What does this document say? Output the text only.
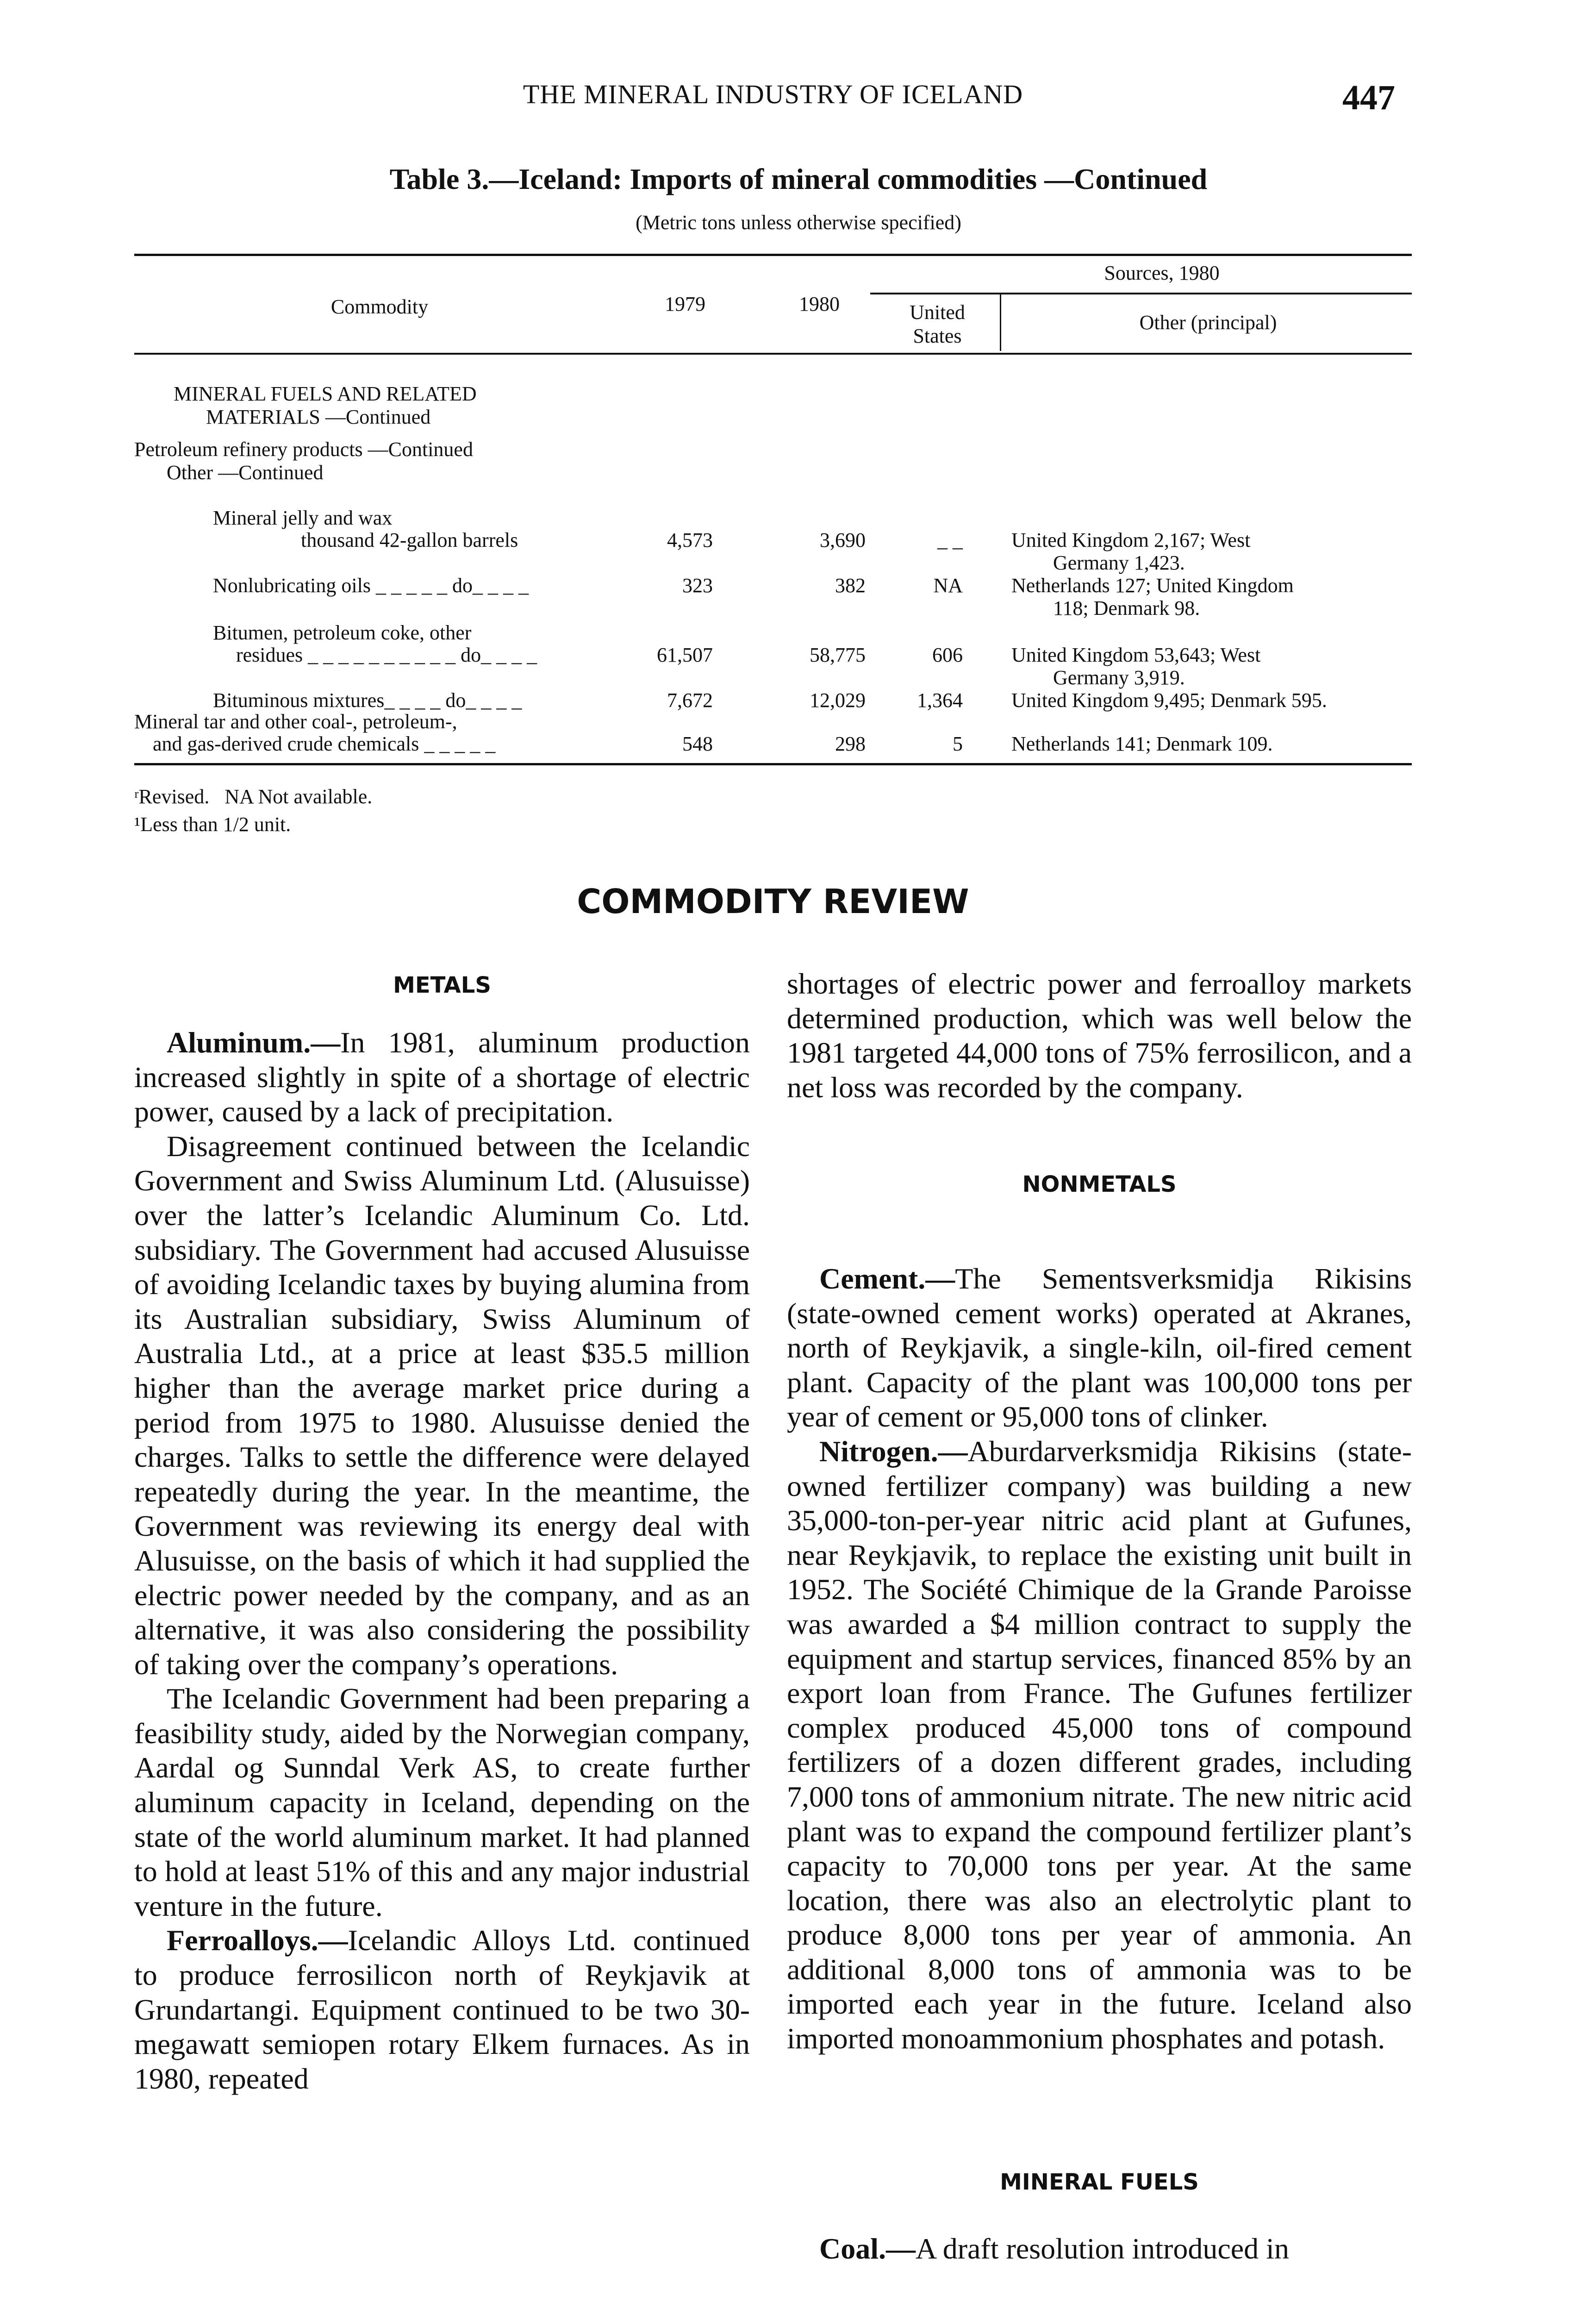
THE MINERAL INDUSTRY OF ICELAND	447
Table 3.—Iceland: Imports of mineral commodities —Continued
(Metric tons unless otherwise specified)
Commodity	1979	1980
Sources, 1980
United States
Other (principal)
MINERAL FUELS AND RELATED
MATERIALS —Continued
Petroleum refinery products —Continued
Other —Continued
Mineral jelly and wax
thousand 42-gallon barrels	4,573	3,690	_ _ United Kingdom 2,167; West
Germany 1,423.
Nonlubricating oils _ _ _ _ _ do_ _ _ _	323	382	NA Netherlands 127; United Kingdom
118; Denmark 98.
Bitumen, petroleum coke, other
residues _ _ _ _ _ _ _ _ _ _ do_ _ _ _	61,507	58,775	606 United Kingdom 53,643; West
Germany 3,919.
Bituminous mixtures_ _ _ _ do_ _ _ _	7,672	12,029	1,364 United Kingdom 9,495; Denmark 595.
Mineral tar and other coal-, petroleum-,
and gas-derived crude chemicals _ _ _ _ _	548	298	5 Netherlands 141; Denmark 109.
ʳRevised.   NA Not available.
¹Less than 1/2 unit.
COMMODITY REVIEW
METALS

Aluminum.—In 1981, aluminum production increased slightly in spite of a shortage of electric power, caused by a lack of precipitation.

Disagreement continued between the Icelandic Government and Swiss Aluminum Ltd. (Alusuisse) over the latter’s Icelandic Aluminum Co. Ltd. subsidiary. The Government had accused Alusuisse of avoiding Icelandic taxes by buying alumina from its Australian subsidiary, Swiss Aluminum of Australia Ltd., at a price at least $35.5 million higher than the average market price during a period from 1975 to 1980. Alusuisse denied the charges. Talks to settle the difference were delayed repeatedly during the year. In the meantime, the Government was reviewing its energy deal with Alusuisse, on the basis of which it had supplied the electric power needed by the company, and as an alternative, it was also considering the possibility of taking over the company’s operations.

The Icelandic Government had been preparing a feasibility study, aided by the Norwegian company, Aardal og Sunndal Verk AS, to create further aluminum capacity in Iceland, depending on the state of the world aluminum market. It had planned to hold at least 51% of this and any major industrial venture in the future.

Ferroalloys.—Icelandic Alloys Ltd. continued to produce ferrosilicon north of Reykjavik at Grundartangi. Equipment continued to be two 30-megawatt semiopen rotary Elkem furnaces. As in 1980, repeated

shortages of electric power and ferroalloy markets determined production, which was well below the 1981 targeted 44,000 tons of 75% ferrosilicon, and a net loss was recorded by the company.

NONMETALS

Cement.—The Sementsverksmidja Rikisins (state-owned cement works) operated at Akranes, north of Reykjavik, a single-kiln, oil-fired cement plant. Capacity of the plant was 100,000 tons per year of cement or 95,000 tons of clinker.

Nitrogen.—Aburdarverksmidja Rikisins (state-owned fertilizer company) was building a new 35,000-ton-per-year nitric acid plant at Gufunes, near Reykjavik, to replace the existing unit built in 1952. The Société Chimique de la Grande Paroisse was awarded a $4 million contract to supply the equipment and startup services, financed 85% by an export loan from France. The Gufunes fertilizer complex produced 45,000 tons of compound fertilizers of a dozen different grades, including 7,000 tons of ammonium nitrate. The new nitric acid plant was to expand the compound fertilizer plant’s capacity to 70,000 tons per year. At the same location, there was also an electrolytic plant to produce 8,000 tons per year of ammonia. An additional 8,000 tons of ammonia was to be imported each year in the future. Iceland also imported monoammonium phosphates and potash.

MINERAL FUELS

Coal.—A draft resolution introduced in
